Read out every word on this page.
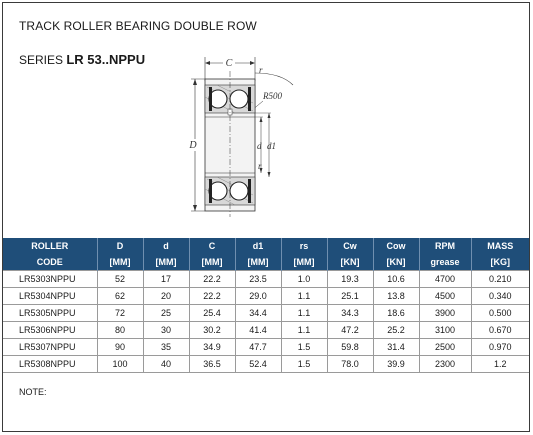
TRACK ROLLER BEARING DOUBLE ROW
SERIES LR 53..NPPU	C
r
R500
D	d d1
r
ROLLER	D	d	C	d1	rs	Cw	Cow	RPM	MASS
CODE	[MM]	[MM]	[MM]	[MM]	[MM]	[KN]	[KN]	grease	[KG]
LR5303NPPU	52	17	22.2	23.5	1.0	19.3	10.6	4700	0.210
LR5304NPPU	62	20	22.2	29.0	1.1	25.1	13.8	4500	0.340
LR5305NPPU	72	25	25.4	34.4	1.1	34.3	18.6	3900	0.500
LR5306NPPU	80	30	30.2	41.4	1.1	47.2	25.2	3100	0.670
LR5307NPPU	90	35	34.9	47.7	1.5	59.8	31.4	2500	0.970
LR5308NPPU	100	40	36.5	52.4	1.5	78.0	39.9	2300	1.2
NOTE:
